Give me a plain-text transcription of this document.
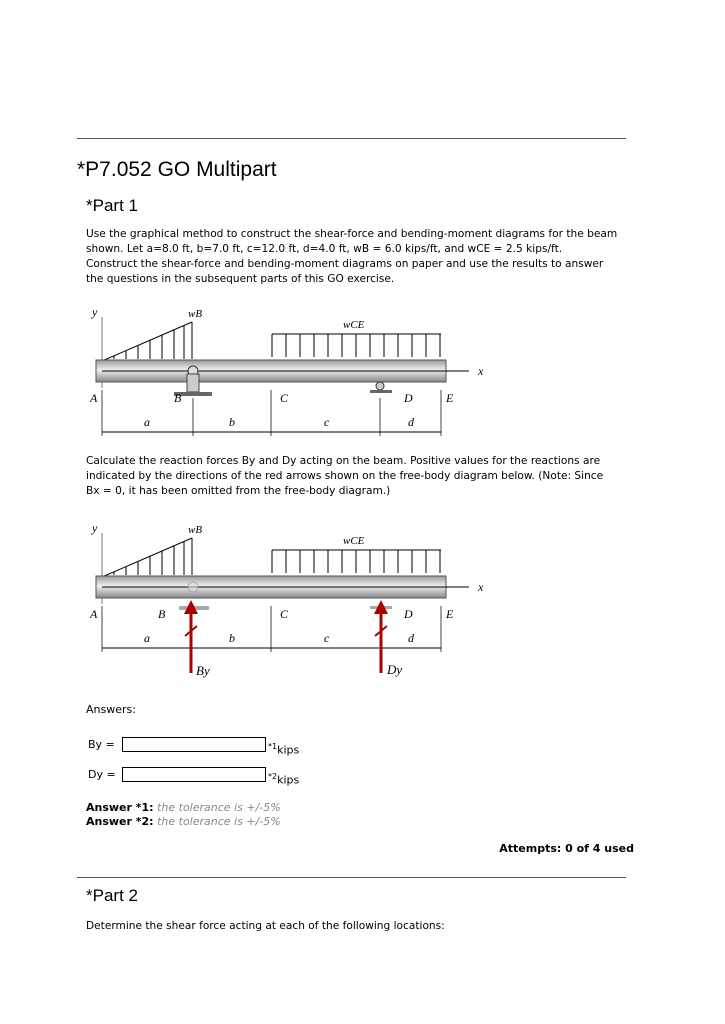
*P7.052 GO Multipart
*Part 1

Use the graphical method to construct the shear-force and bending-moment diagrams for the beam

shown. Let a=8.0 ft, b=7.0 ft, c=12.0 ft, d=4.0 ft, wB = 6.0 kips/ft, and wCE = 2.5 kips/ft.

Construct the shear-force and bending-moment diagrams on paper and use the results to answer

the questions in the subsequent parts of this GO exercise.

y	wB
wCE
x
A	B	C	D	E
a	b	c	d

Calculate the reaction forces By and Dy acting on the beam. Positive values for the reactions are

indicated by the directions of the red arrows shown on the free-body diagram below. (Note: Since

Bx = 0, it has been omitted from the free-body diagram.)

y	wB
wCE
x
A	B	C	D	E
a	b	c	d
By	Dy
Answers:
By =	$^{*1}$kips
Dy =	$^{*2}$kips
Answer *1: the tolerance is +/-5%
Answer *2: the tolerance is +/-5%
Attempts: 0 of 4 used
*Part 2
Determine the shear force acting at each of the following locations:
